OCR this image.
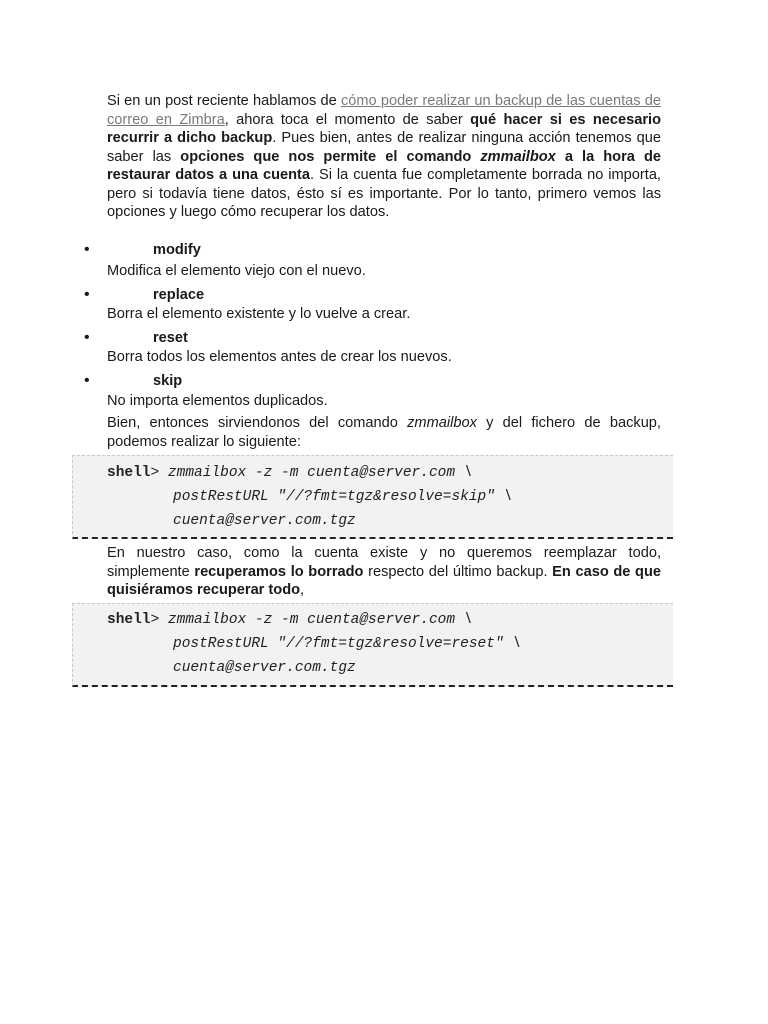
Si en un post reciente hablamos de cómo poder realizar un backup de las cuentas de correo en Zimbra, ahora toca el momento de saber qué hacer si es necesario recurrir a dicho backup. Pues bien, antes de realizar ninguna acción tenemos que saber las opciones que nos permite el comando zmmailbox a la hora de restaurar datos a una cuenta. Si la cuenta fue completamente borrada no importa, pero si todavía tiene datos, ésto sí es importante. Por lo tanto, primero vemos las opciones y luego cómo recuperar los datos.

•	modify
Modifica el elemento viejo con el nuevo.
•	replace
Borra el elemento existente y lo vuelve a crear.
•	reset
Borra todos los elementos antes de crear los nuevos.
•	skip
No importa elementos duplicados.

Bien, entonces sirviendonos del comando zmmailbox y del fichero de backup, podemos realizar lo siguiente:

shell> zmmailbox -z -m cuenta@server.com \
postRestURL "//?fmt=tgz&resolve=skip" \
cuenta@server.com.tgz

En nuestro caso, como la cuenta existe y no queremos reemplazar todo, simplemente recuperamos lo borrado respecto del último backup. En caso de que quisiéramos recuperar todo,

shell> zmmailbox -z -m cuenta@server.com \
postRestURL "//?fmt=tgz&resolve=reset" \
cuenta@server.com.tgz
